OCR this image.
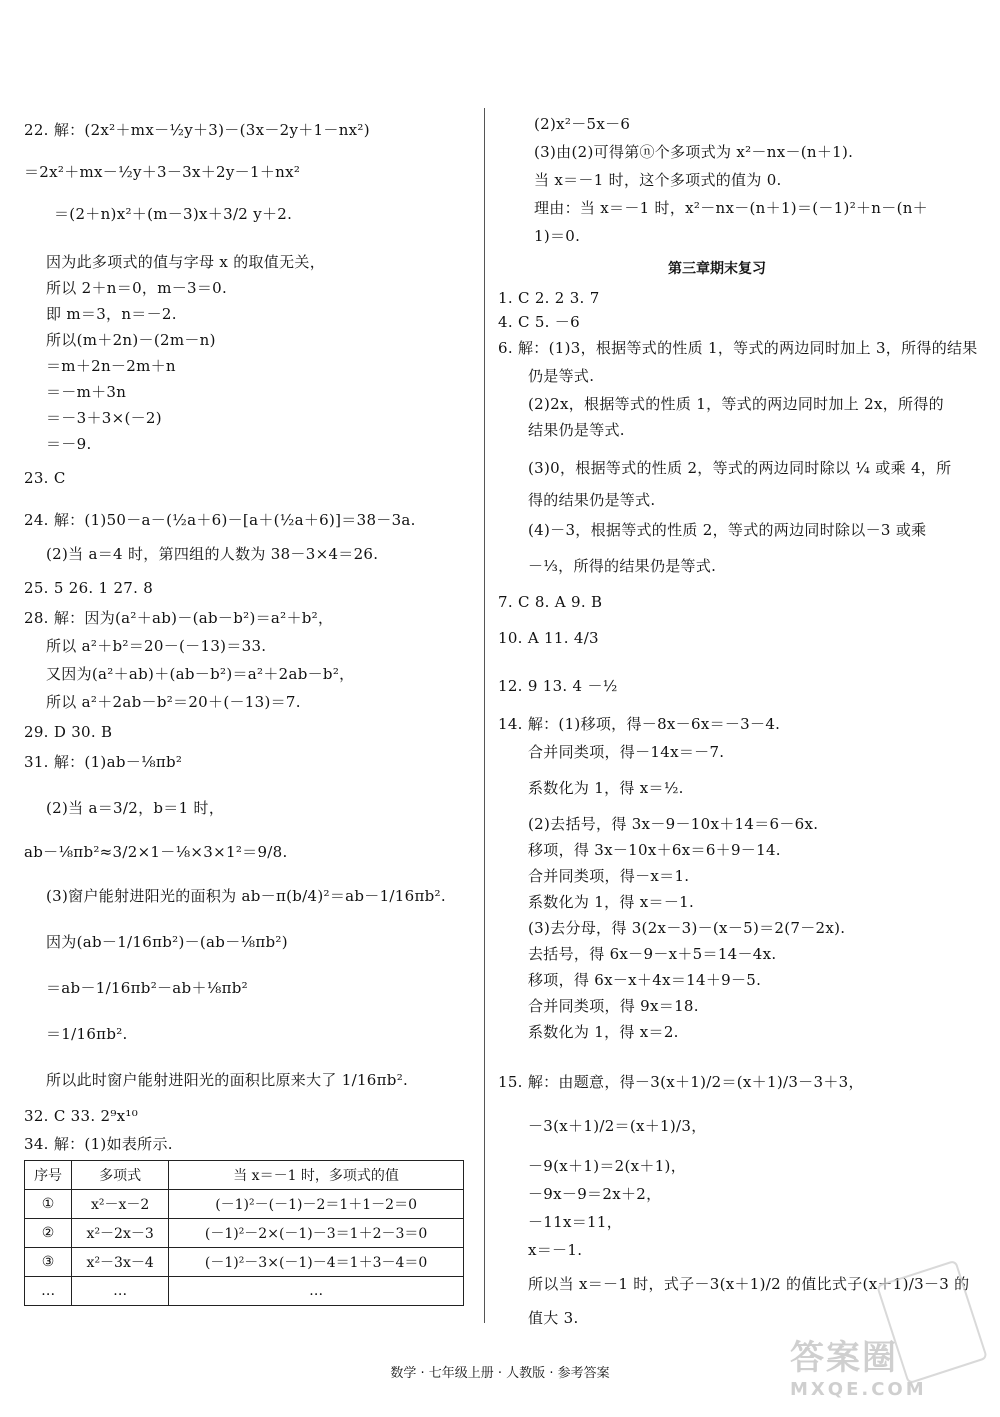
22. 解：(2x²＋mx－½y＋3)－(3x－2y＋1－nx²)
＝2x²＋mx－½y＋3－3x＋2y－1＋nx²
＝(2＋n)x²＋(m－3)x＋3/2 y＋2.
因为此多项式的值与字母 x 的取值无关，
所以 2＋n＝0，m－3＝0.
即 m＝3，n＝－2.
所以(m＋2n)－(2m－n)
＝m＋2n－2m＋n
＝－m＋3n
＝－3＋3×(－2)
＝－9.
23. C
24. 解：(1)50－a－(½a＋6)－[a＋(½a＋6)]＝38－3a.
(2)当 a＝4 时，第四组的人数为 38－3×4＝26.
25. 5 26. 1 27. 8
28. 解：因为(a²＋ab)－(ab－b²)＝a²＋b²，
所以 a²＋b²＝20－(－13)＝33.
又因为(a²＋ab)＋(ab－b²)＝a²＋2ab－b²，
所以 a²＋2ab－b²＝20＋(－13)＝7.
29. D 30. B
31. 解：(1)ab－⅛πb²
(2)当 a＝3/2，b＝1 时，
ab－⅛πb²≈3/2×1－⅛×3×1²＝9/8.
(3)窗户能射进阳光的面积为 ab－π(b/4)²＝ab－1/16πb².
因为(ab－1/16πb²)－(ab－⅛πb²)
＝ab－1/16πb²－ab＋⅛πb²
＝1/16πb².
所以此时窗户能射进阳光的面积比原来大了 1/16πb².
32. C 33. 2⁹x¹⁰
34. 解：(1)如表所示.
序号	多项式	当 x＝－1 时，多项式的值
①	x²－x－2	(－1)²－(－1)－2＝1＋1－2＝0
②	x²－2x－3	(－1)²－2×(－1)－3＝1＋2－3＝0
③	x²－3x－4	(－1)²－3×(－1)－4＝1＋3－4＝0
…	…	…
(2)x²－5x－6
(3)由(2)可得第ⓝ个多项式为 x²－nx－(n＋1).
当 x＝－1 时，这个多项式的值为 0.
理由：当 x＝－1 时，x²－nx－(n＋1)＝(－1)²＋n－(n＋
1)＝0.
第三章期末复习
1. C 2. 2 3. 7
4. C 5. －6
6. 解：(1)3，根据等式的性质 1，等式的两边同时加上 3，所得的结果
仍是等式.
(2)2x，根据等式的性质 1，等式的两边同时加上 2x，所得的
结果仍是等式.
(3)0，根据等式的性质 2，等式的两边同时除以 ¼ 或乘 4，所
得的结果仍是等式.
(4)－3，根据等式的性质 2，等式的两边同时除以－3 或乘
－⅓，所得的结果仍是等式.
7. C 8. A 9. B
10. A 11. 4/3
12. 9 13. 4 －½
14. 解：(1)移项，得－8x－6x＝－3－4.
合并同类项，得－14x＝－7.
系数化为 1，得 x＝½.
(2)去括号，得 3x－9－10x＋14＝6－6x.
移项，得 3x－10x＋6x＝6＋9－14.
合并同类项，得－x＝1.
系数化为 1，得 x＝－1.
(3)去分母，得 3(2x－3)－(x－5)＝2(7－2x).
去括号，得 6x－9－x＋5＝14－4x.
移项，得 6x－x＋4x＝14＋9－5.
合并同类项，得 9x＝18.
系数化为 1，得 x＝2.
15. 解：由题意，得－3(x＋1)/2＝(x＋1)/3－3＋3，
－3(x＋1)/2＝(x＋1)/3，
－9(x＋1)＝2(x＋1)，
－9x－9＝2x＋2，
－11x＝11，
x＝－1.
所以当 x＝－1 时，式子－3(x＋1)/2 的值比式子(x＋1)/3－3 的
值大 3.
答案圈
MXQE.COM
数学 · 七年级上册 · 人教版 · 参考答案
